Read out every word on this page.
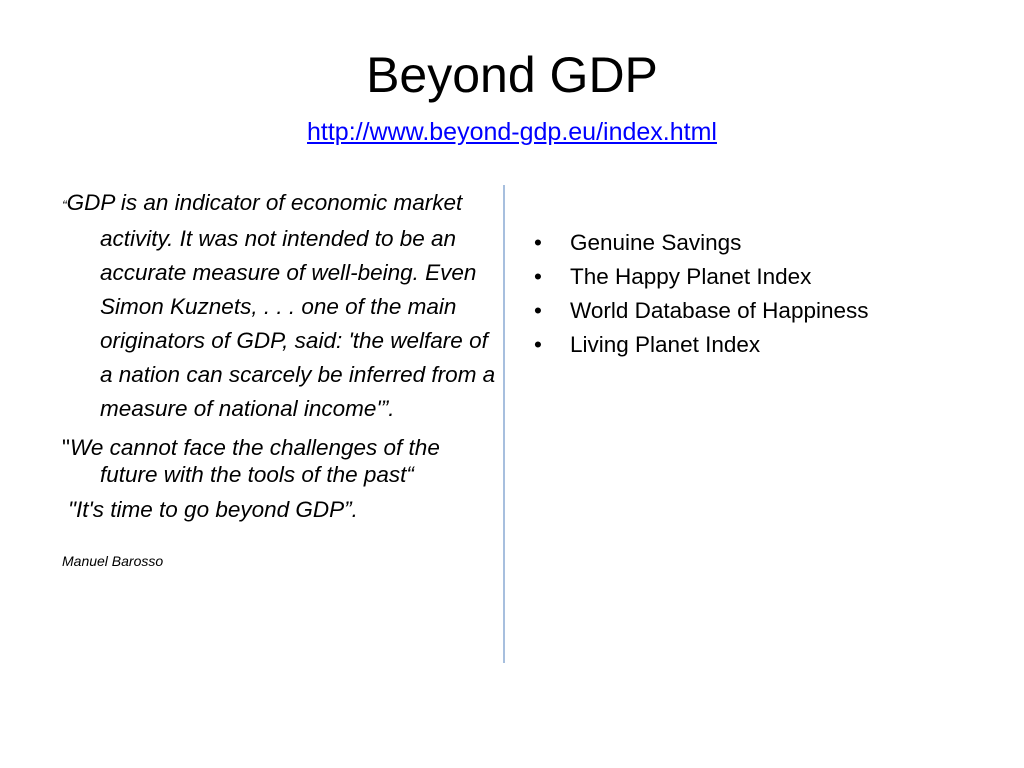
Beyond GDP
http://www.beyond-gdp.eu/index.html

“GDP is an indicator of economic market activity. It was not intended to be an accurate measure of well-being. Even Simon Kuznets, . . . one of the main originators of GDP, said: 'the welfare of a nation can scarcely be inferred from a measure of national income'”.

"We cannot face the challenges of the future with the tools of the past“

"It's time to go beyond GDP”.

Manuel Barosso

• Genuine Savings
• The Happy Planet Index
• World Database of Happiness
• Living Planet Index
